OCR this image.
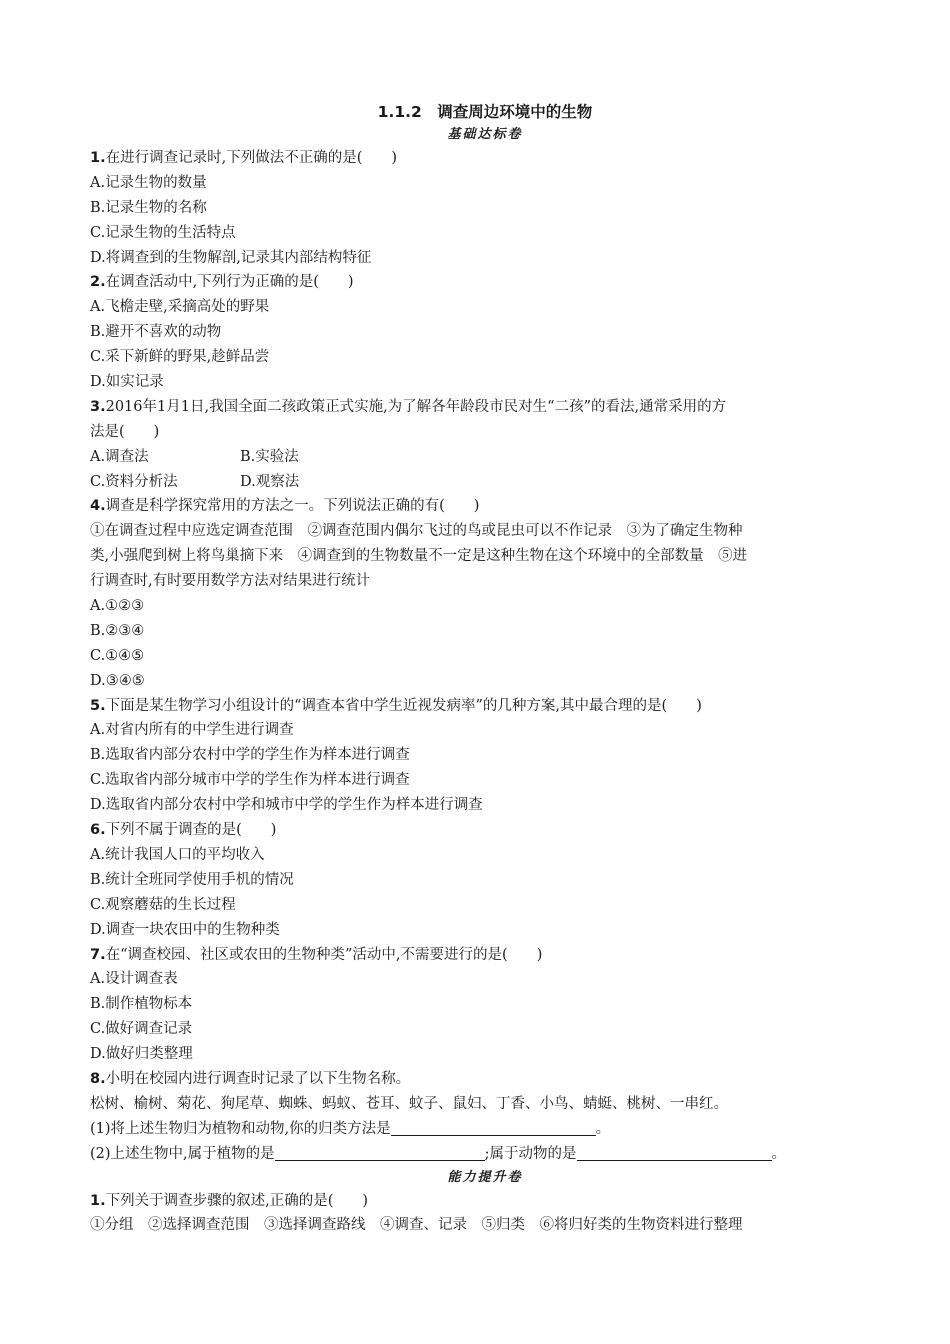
1.1.2　调查周边环境中的生物
基础达标卷
1.在进行调查记录时,下列做法不正确的是(　　)
A.记录生物的数量
B.记录生物的名称
C.记录生物的生活特点
D.将调查到的生物解剖,记录其内部结构特征
2.在调查活动中,下列行为正确的是(　　)
A.飞檐走壁,采摘高处的野果
B.避开不喜欢的动物
C.采下新鲜的野果,趁鲜品尝
D.如实记录
3.2016年1月1日,我国全面二孩政策正式实施,为了解各年龄段市民对生“二孩”的看法,通常采用的方
法是(　　)
A.调查法	B.实验法
C.资料分析法	D.观察法
4.调查是科学探究常用的方法之一。下列说法正确的有(　　)
①在调查过程中应选定调查范围　②调查范围内偶尔飞过的鸟或昆虫可以不作记录　③为了确定生物种
类,小强爬到树上将鸟巢摘下来　④调查到的生物数量不一定是这种生物在这个环境中的全部数量　⑤进
行调查时,有时要用数学方法对结果进行统计
A.①②③
B.②③④
C.①④⑤
D.③④⑤
5.下面是某生物学习小组设计的“调查本省中学生近视发病率”的几种方案,其中最合理的是(　　)
A.对省内所有的中学生进行调查
B.选取省内部分农村中学的学生作为样本进行调查
C.选取省内部分城市中学的学生作为样本进行调查
D.选取省内部分农村中学和城市中学的学生作为样本进行调查
6.下列不属于调查的是(　　)
A.统计我国人口的平均收入
B.统计全班同学使用手机的情况
C.观察蘑菇的生长过程
D.调查一块农田中的生物种类
7.在“调查校园、社区或农田的生物种类”活动中,不需要进行的是(　　)
A.设计调查表
B.制作植物标本
C.做好调查记录
D.做好归类整理
8.小明在校园内进行调查时记录了以下生物名称。
松树、榆树、菊花、狗尾草、蜘蛛、蚂蚁、苍耳、蚊子、鼠妇、丁香、小鸟、蜻蜓、桃树、一串红。
(1)将上述生物归为植物和动物,你的归类方法是	。
(2)上述生物中,属于植物的是	;属于动物的是	。
能力提升卷
1.下列关于调查步骤的叙述,正确的是(　　)
①分组　②选择调查范围　③选择调查路线　④调查、记录　⑤归类　⑥将归好类的生物资料进行整理
